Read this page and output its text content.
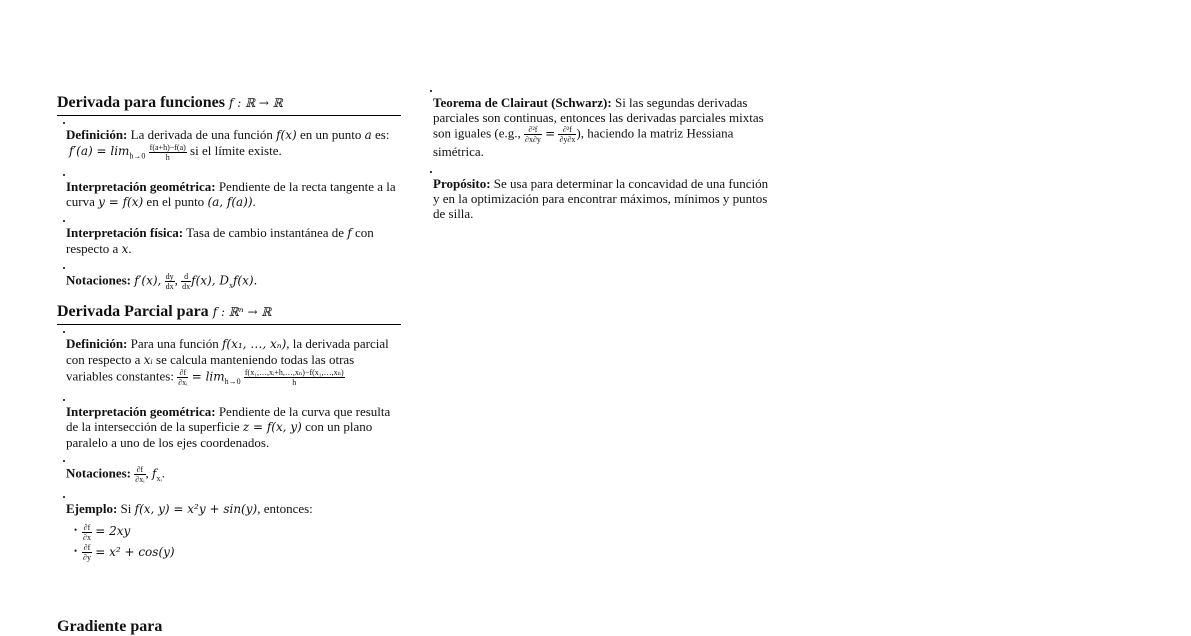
Derivada para funciones f : ℝ → ℝ
Definición: La derivada de una función f(x) en un punto a es:
$f'(a) = \lim_{h\to 0} \frac{f(a+h)-f(a)}{h}$ si el límite existe.
Interpretación geométrica: Pendiente de la recta tangente a la curva y = f(x) en el punto (a, f(a)).
Interpretación física: Tasa de cambio instantánea de f con respecto a x.
Notaciones: f′(x), $\frac{dy}{dx}$ , $\frac{d}{dx} f(x)$, $D_xf(x)$.
Derivada Parcial para f : ℝⁿ → ℝ
Definición: Para una función f(x₁, …, xₙ), la derivada parcial con respecto a xᵢ se calcula manteniendo todas las otras variables constantes: $\frac{\partial f}{\text{∂xᵢ}} = \lim_{h\to 0} \frac{\text{f(x₁,…,xᵢ+h,…,xₙ)−f(x₁,…,xₙ)}}{h}$
Interpretación geométrica: Pendiente de la curva que resulta de la intersección de la superficie z = f(x, y) con un plano paralelo a uno de los ejes coordenados.
Notaciones: $\frac{\partial f}{\text{∂xᵢ}}$ , $f_{xᵢ}$.
Ejemplo: Si f(x, y) = x²y + sin(y), entonces:
• $\frac{\partial f}{\partial x} = 2xy$
• $\frac{\partial f}{\partial y} = x^2 + \cos(y)$
Gradiente para
Teorema de Clairaut (Schwarz): Si las segundas derivadas parciales son continuas, entonces las derivadas parciales mixtas son iguales (e.g., $\frac{\text{∂²f}}{\partial x\partial y} = \frac{\text{∂²f}}{\partial y\partial x}$ ), haciendo la matriz Hessiana simétrica.
Propósito: Se usa para determinar la concavidad de una función y en la optimización para encontrar máximos, mínimos y puntos de silla.
